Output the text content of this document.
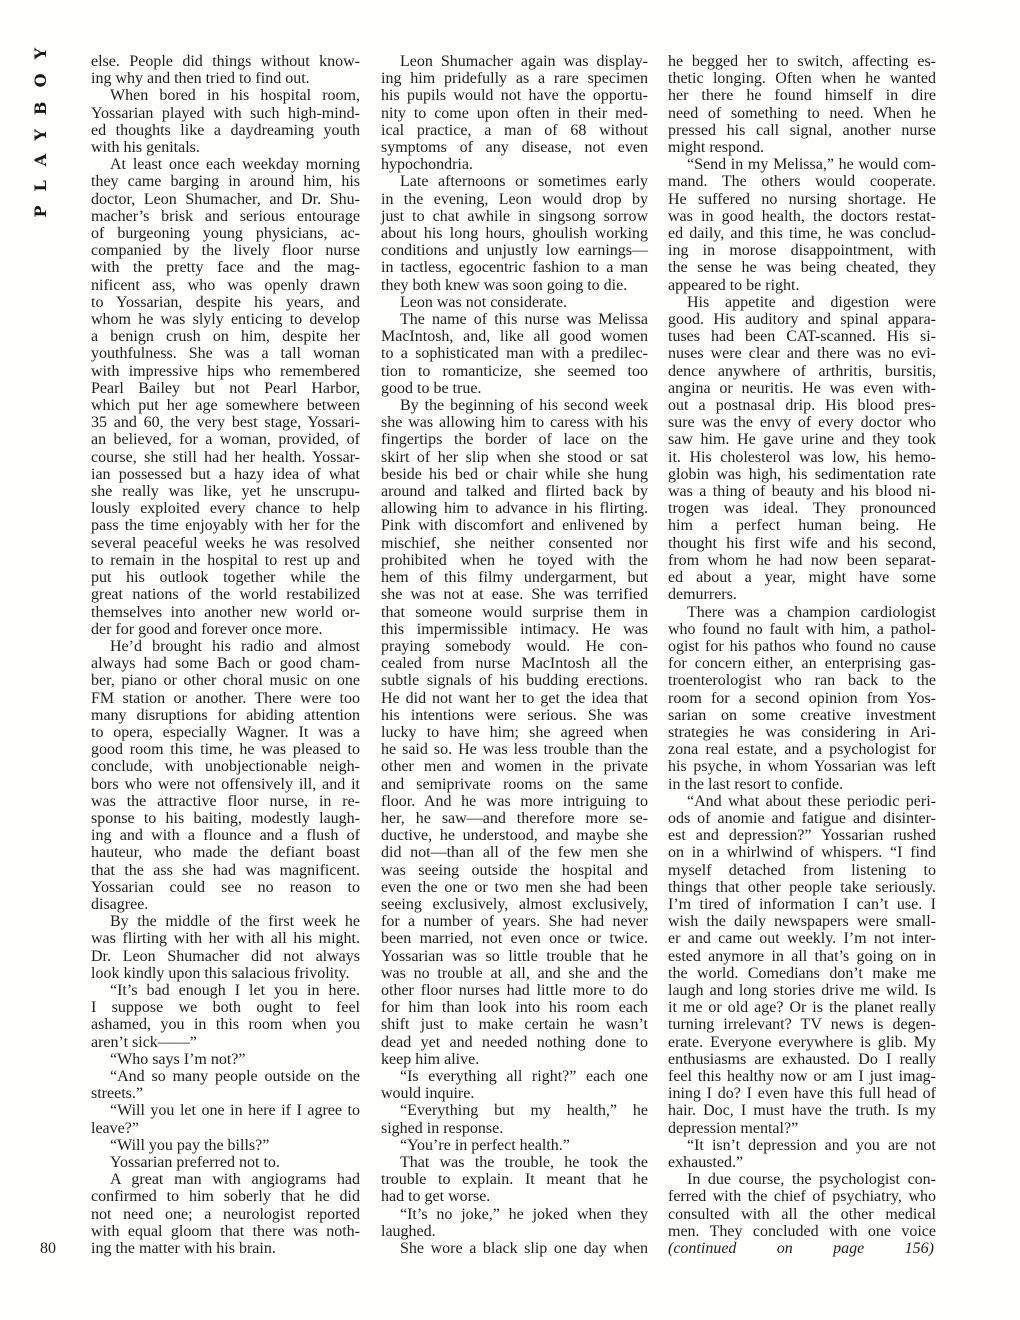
PLAYBOY	else. People did things without know-
ing why and then tried to find out.
When bored in his hospital room,
Yossarian played with such high-mind-
ed thoughts like a daydreaming youth
with his genitals.
At least once each weekday morning
they came barging in around him, his
doctor, Leon Shumacher, and Dr. Shu-
macher’s brisk and serious entourage
of burgeoning young physicians, ac-
companied by the lively floor nurse
with the pretty face and the mag-
nificent ass, who was openly drawn
to Yossarian, despite his years, and
whom he was slyly enticing to develop
a benign crush on him, despite her
youthfulness. She was a tall woman
with impressive hips who remembered
Pearl Bailey but not Pearl Harbor,
which put her age somewhere between
35 and 60, the very best stage, Yossari-
an believed, for a woman, provided, of
course, she still had her health. Yossar-
ian possessed but a hazy idea of what
she really was like, yet he unscrupu-
lously exploited every chance to help
pass the time enjoyably with her for the
several peaceful weeks he was resolved
to remain in the hospital to rest up and
put his outlook together while the
great nations of the world restabilized
themselves into another new world or-
der for good and forever once more.
He’d brought his radio and almost
always had some Bach or good cham-
ber, piano or other choral music on one
FM station or another. There were too
many disruptions for abiding attention
to opera, especially Wagner. It was a
good room this time, he was pleased to
conclude, with unobjectionable neigh-
bors who were not offensively ill, and it
was the attractive floor nurse, in re-
sponse to his baiting, modestly laugh-
ing and with a flounce and a flush of
hauteur, who made the defiant boast
that the ass she had was magnificent.
Yossarian could see no reason to
disagree.
By the middle of the first week he
was flirting with her with all his might.
Dr. Leon Shumacher did not always
look kindly upon this salacious frivolity.
“It’s bad enough I let you in here.
I suppose we both ought to feel
ashamed, you in this room when you
aren’t sick——”
“Who says I’m not?”
“And so many people outside on the
streets.”
“Will you let one in here if I agree to
leave?”
“Will you pay the bills?”
Yossarian preferred not to.
A great man with angiograms had
confirmed to him soberly that he did
not need one; a neurologist reported
with equal gloom that there was noth-
ing the matter with his brain.
Leon Shumacher again was display-
ing him pridefully as a rare specimen
his pupils would not have the opportu-
nity to come upon often in their med-
ical practice, a man of 68 without
symptoms of any disease, not even
hypochondria.
Late afternoons or sometimes early
in the evening, Leon would drop by
just to chat awhile in singsong sorrow
about his long hours, ghoulish working
conditions and unjustly low earnings—
in tactless, egocentric fashion to a man
they both knew was soon going to die.
Leon was not considerate.
The name of this nurse was Melissa
MacIntosh, and, like all good women
to a sophisticated man with a predilec-
tion to romanticize, she seemed too
good to be true.
By the beginning of his second week
she was allowing him to caress with his
fingertips the border of lace on the
skirt of her slip when she stood or sat
beside his bed or chair while she hung
around and talked and flirted back by
allowing him to advance in his flirting.
Pink with discomfort and enlivened by
mischief, she neither consented nor
prohibited when he toyed with the
hem of this filmy undergarment, but
she was not at ease. She was terrified
that someone would surprise them in
this impermissible intimacy. He was
praying somebody would. He con-
cealed from nurse MacIntosh all the
subtle signals of his budding erections.
He did not want her to get the idea that
his intentions were serious. She was
lucky to have him; she agreed when
he said so. He was less trouble than the
other men and women in the private
and semiprivate rooms on the same
floor. And he was more intriguing to
her, he saw—and therefore more se-
ductive, he understood, and maybe she
did not—than all of the few men she
was seeing outside the hospital and
even the one or two men she had been
seeing exclusively, almost exclusively,
for a number of years. She had never
been married, not even once or twice.
Yossarian was so little trouble that he
was no trouble at all, and she and the
other floor nurses had little more to do
for him than look into his room each
shift just to make certain he wasn’t
dead yet and needed nothing done to
keep him alive.
“Is everything all right?” each one
would inquire.
“Everything but my health,” he
sighed in response.
“You’re in perfect health.”
That was the trouble, he took the
trouble to explain. It meant that he
had to get worse.
“It’s no joke,” he joked when they
laughed.
She wore a black slip one day when
he begged her to switch, affecting es-
thetic longing. Often when he wanted
her there he found himself in dire
need of something to need. When he
pressed his call signal, another nurse
might respond.
“Send in my Melissa,” he would com-
mand. The others would cooperate.
He suffered no nursing shortage. He
was in good health, the doctors restat-
ed daily, and this time, he was conclud-
ing in morose disappointment, with
the sense he was being cheated, they
appeared to be right.
His appetite and digestion were
good. His auditory and spinal appara-
tuses had been CAT-scanned. His si-
nuses were clear and there was no evi-
dence anywhere of arthritis, bursitis,
angina or neuritis. He was even with-
out a postnasal drip. His blood pres-
sure was the envy of every doctor who
saw him. He gave urine and they took
it. His cholesterol was low, his hemo-
globin was high, his sedimentation rate
was a thing of beauty and his blood ni-
trogen was ideal. They pronounced
him a perfect human being. He
thought his first wife and his second,
from whom he had now been separat-
ed about a year, might have some
demurrers.
There was a champion cardiologist
who found no fault with him, a pathol-
ogist for his pathos who found no cause
for concern either, an enterprising gas-
troenterologist who ran back to the
room for a second opinion from Yos-
sarian on some creative investment
strategies he was considering in Ari-
zona real estate, and a psychologist for
his psyche, in whom Yossarian was left
in the last resort to confide.
“And what about these periodic peri-
ods of anomie and fatigue and disinter-
est and depression?” Yossarian rushed
on in a whirlwind of whispers. “I find
myself detached from listening to
things that other people take seriously.
I’m tired of information I can’t use. I
wish the daily newspapers were small-
er and came out weekly. I’m not inter-
ested anymore in all that’s going on in
the world. Comedians don’t make me
laugh and long stories drive me wild. Is
it me or old age? Or is the planet really
turning irrelevant? TV news is degen-
erate. Everyone everywhere is glib. My
enthusiasms are exhausted. Do I really
feel this healthy now or am I just imag-
ining I do? I even have this full head of
hair. Doc, I must have the truth. Is my
depression mental?”
“It isn’t depression and you are not
exhausted.”
In due course, the psychologist con-
ferred with the chief of psychiatry, who
consulted with all the other medical
men. They concluded with one voice
(continued on page 156)
80
